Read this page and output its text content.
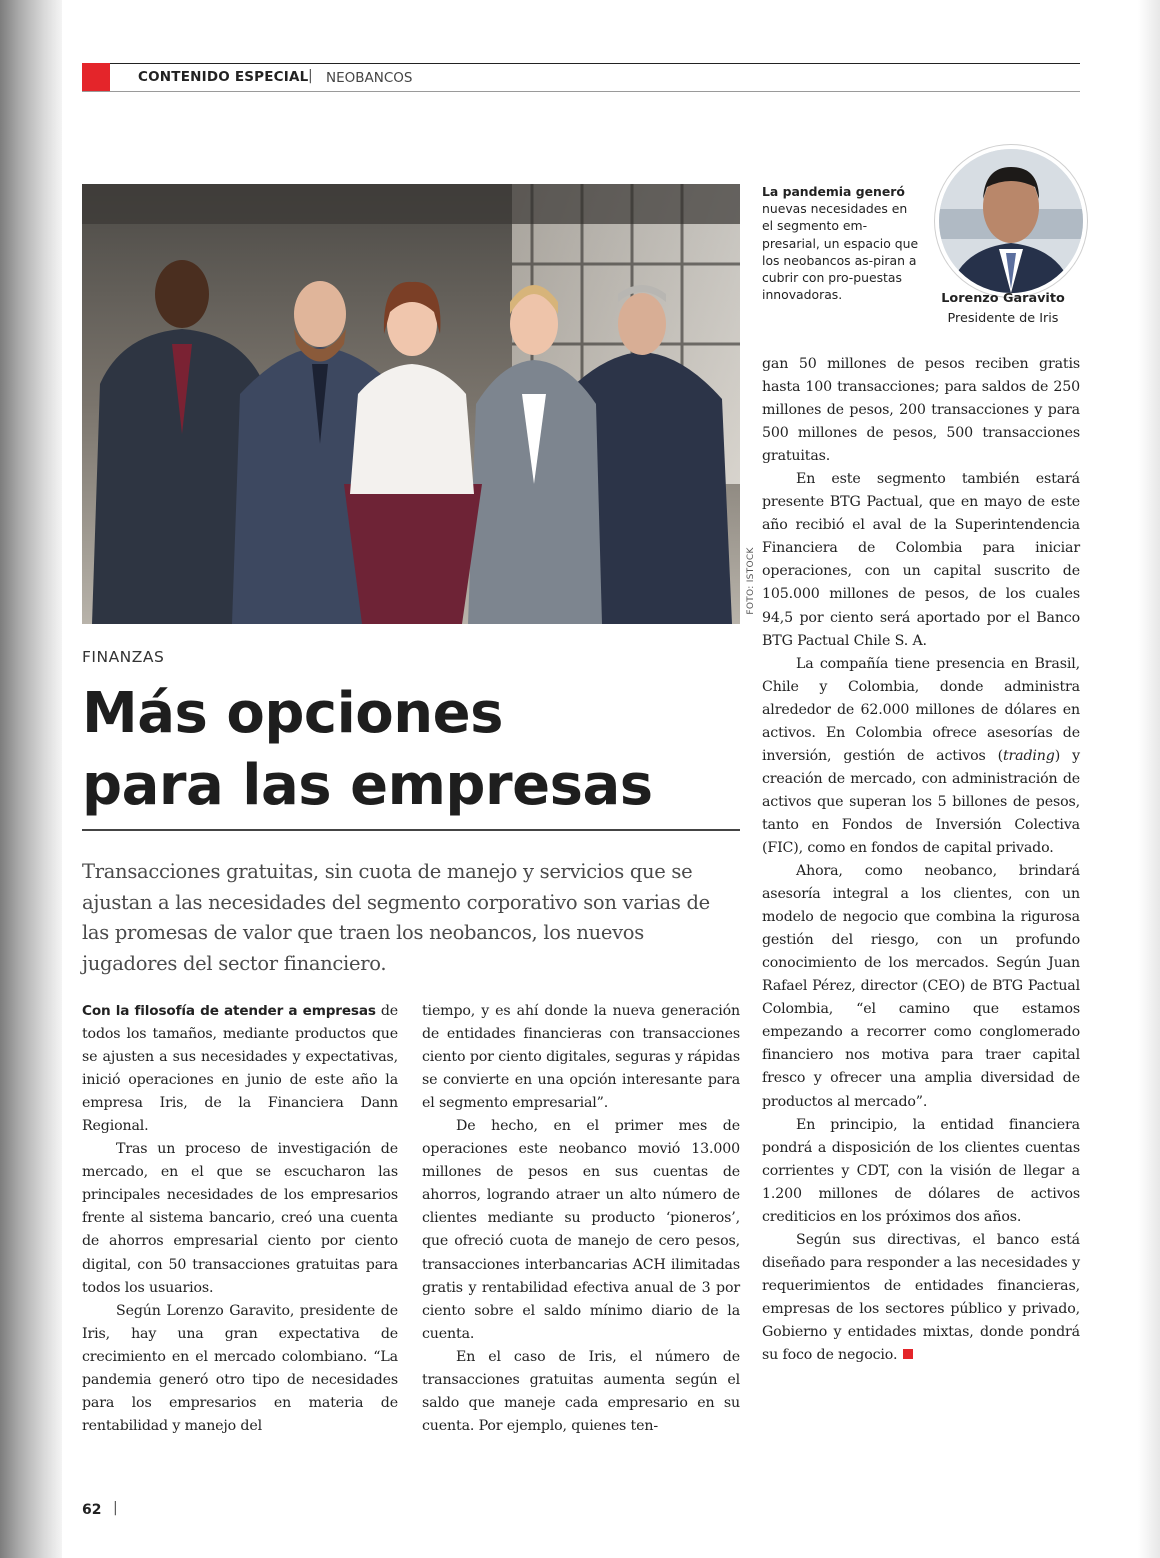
CONTENIDO ESPECIAL | NEOBANCOS
FOTO: ISTOCK
La pandemia generó nuevas necesidades en el segmento em-presarial, un espacio que los neobancos as-piran a cubrir con pro-puestas innovadoras.	Lorenzo Garavito
Presidente de Iris
FINANZAS
Más opciones
para las empresas
Transacciones gratuitas, sin cuota de manejo y servicios que se ajustan a las necesidades del segmento corporativo son varias de las promesas de valor que traen los neobancos, los nuevos jugadores del sector financiero.

Con la filosofía de atender a empresas de todos los tamaños, mediante productos que se ajusten a sus necesidades y expectativas, inició operaciones en junio de este año la empresa Iris, de la Financiera Dann Regional.

Tras un proceso de investigación de mercado, en el que se escucharon las principales necesidades de los empresarios frente al sistema bancario, creó una cuenta de ahorros empresarial ciento por ciento digital, con 50 transacciones gratuitas para todos los usuarios.

Según Lorenzo Garavito, presidente de Iris, hay una gran expectativa de crecimiento en el mercado colombiano. “La pandemia generó otro tipo de necesidades para los empresarios en materia de rentabilidad y manejo del

tiempo, y es ahí donde la nueva generación de entidades financieras con transacciones ciento por ciento digitales, seguras y rápidas se convierte en una opción interesante para el segmento empresarial”.

De hecho, en el primer mes de operaciones este neobanco movió 13.000 millones de pesos en sus cuentas de ahorros, logrando atraer un alto número de clientes mediante su producto ‘pioneros’, que ofreció cuota de manejo de cero pesos, transacciones interbancarias ACH ilimitadas gratis y rentabilidad efectiva anual de 3 por ciento sobre el saldo mínimo diario de la cuenta.

En el caso de Iris, el número de transacciones gratuitas aumenta según el saldo que maneje cada empresario en su cuenta. Por ejemplo, quienes ten-

gan 50 millones de pesos reciben gratis hasta 100 transacciones; para saldos de 250 millones de pesos, 200 transacciones y para 500 millones de pesos, 500 transacciones gratuitas.

En este segmento también estará presente BTG Pactual, que en mayo de este año recibió el aval de la Superintendencia Financiera de Colombia para iniciar operaciones, con un capital suscrito de 105.000 millones de pesos, de los cuales 94,5 por ciento será aportado por el Banco BTG Pactual Chile S. A.

La compañía tiene presencia en Brasil, Chile y Colombia, donde administra alrededor de 62.000 millones de dólares en activos. En Colombia ofrece asesorías de inversión, gestión de activos (trading) y creación de mercado, con administración de activos que superan los 5 billones de pesos, tanto en Fondos de Inversión Colectiva (FIC), como en fondos de capital privado.

Ahora, como neobanco, brindará asesoría integral a los clientes, con un modelo de negocio que combina la rigurosa gestión del riesgo, con un profundo conocimiento de los mercados. Según Juan Rafael Pérez, director (CEO) de BTG Pactual Colombia, “el camino que estamos empezando a recorrer como conglomerado financiero nos motiva para traer capital fresco y ofrecer una amplia diversidad de productos al mercado”.

En principio, la entidad financiera pondrá a disposición de los clientes cuentas corrientes y CDT, con la visión de llegar a 1.200 millones de dólares de activos crediticios en los próximos dos años.

Según sus directivas, el banco está diseñado para responder a las necesidades y requerimientos de entidades financieras, empresas de los sectores público y privado, Gobierno y entidades mixtas, donde pondrá su foco de negocio.

62 |
